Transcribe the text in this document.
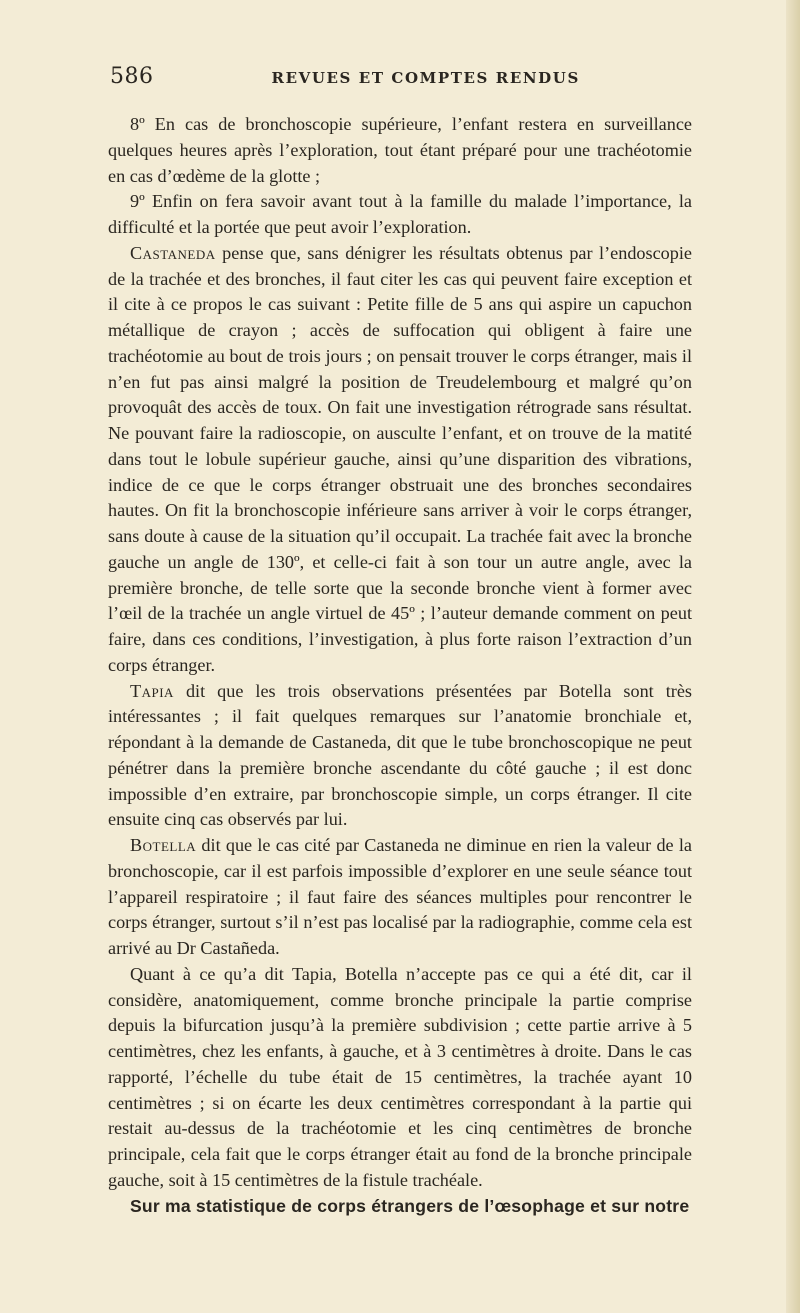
586	REVUES ET COMPTES RENDUS

8º En cas de bronchoscopie supérieure, l’enfant restera en surveillance quelques heures après l’exploration, tout étant préparé pour une trachéotomie en cas d’œdème de la glotte ;

9º Enfin on fera savoir avant tout à la famille du malade l’importance, la difficulté et la portée que peut avoir l’exploration.

Castaneda pense que, sans dénigrer les résultats obtenus par l’endoscopie de la trachée et des bronches, il faut citer les cas qui peuvent faire exception et il cite à ce propos le cas suivant : Petite fille de 5 ans qui aspire un capuchon métallique de crayon ; accès de suffocation qui obligent à faire une trachéotomie au bout de trois jours ; on pensait trouver le corps étranger, mais il n’en fut pas ainsi malgré la position de Treudelembourg et malgré qu’on provoquât des accès de toux. On fait une investigation rétrograde sans résultat. Ne pouvant faire la radioscopie, on ausculte l’enfant, et on trouve de la matité dans tout le lobule supérieur gauche, ainsi qu’une disparition des vibrations, indice de ce que le corps étranger obstruait une des bronches secondaires hautes. On fit la bronchoscopie inférieure sans arriver à voir le corps étranger, sans doute à cause de la situation qu’il occupait. La trachée fait avec la bronche gauche un angle de 130º, et celle-ci fait à son tour un autre angle, avec la première bronche, de telle sorte que la seconde bronche vient à former avec l’œil de la trachée un angle virtuel de 45º ; l’auteur demande comment on peut faire, dans ces conditions, l’investigation, à plus forte raison l’extraction d’un corps étranger.

Tapia dit que les trois observations présentées par Botella sont très intéressantes ; il fait quelques remarques sur l’anatomie bronchiale et, répondant à la demande de Castaneda, dit que le tube bronchoscopique ne peut pénétrer dans la première bronche ascendante du côté gauche ; il est donc impossible d’en extraire, par bronchoscopie simple, un corps étranger. Il cite ensuite cinq cas observés par lui.

Botella dit que le cas cité par Castaneda ne diminue en rien la valeur de la bronchoscopie, car il est parfois impossible d’explorer en une seule séance tout l’appareil respiratoire ; il faut faire des séances multiples pour rencontrer le corps étranger, surtout s’il n’est pas localisé par la radiographie, comme cela est arrivé au Dr Castañeda.

Quant à ce qu’a dit Tapia, Botella n’accepte pas ce qui a été dit, car il considère, anatomiquement, comme bronche principale la partie comprise depuis la bifurcation jusqu’à la première subdivision ; cette partie arrive à 5 centimètres, chez les enfants, à gauche, et à 3 centimètres à droite. Dans le cas rapporté, l’échelle du tube était de 15 centimètres, la trachée ayant 10 centimètres ; si on écarte les deux centimètres correspondant à la partie qui restait au-dessus de la trachéotomie et les cinq centimètres de bronche principale, cela fait que le corps étranger était au fond de la bronche principale gauche, soit à 15 centimètres de la fistule trachéale.

Sur ma statistique de corps étrangers de l’œsophage et sur notre
